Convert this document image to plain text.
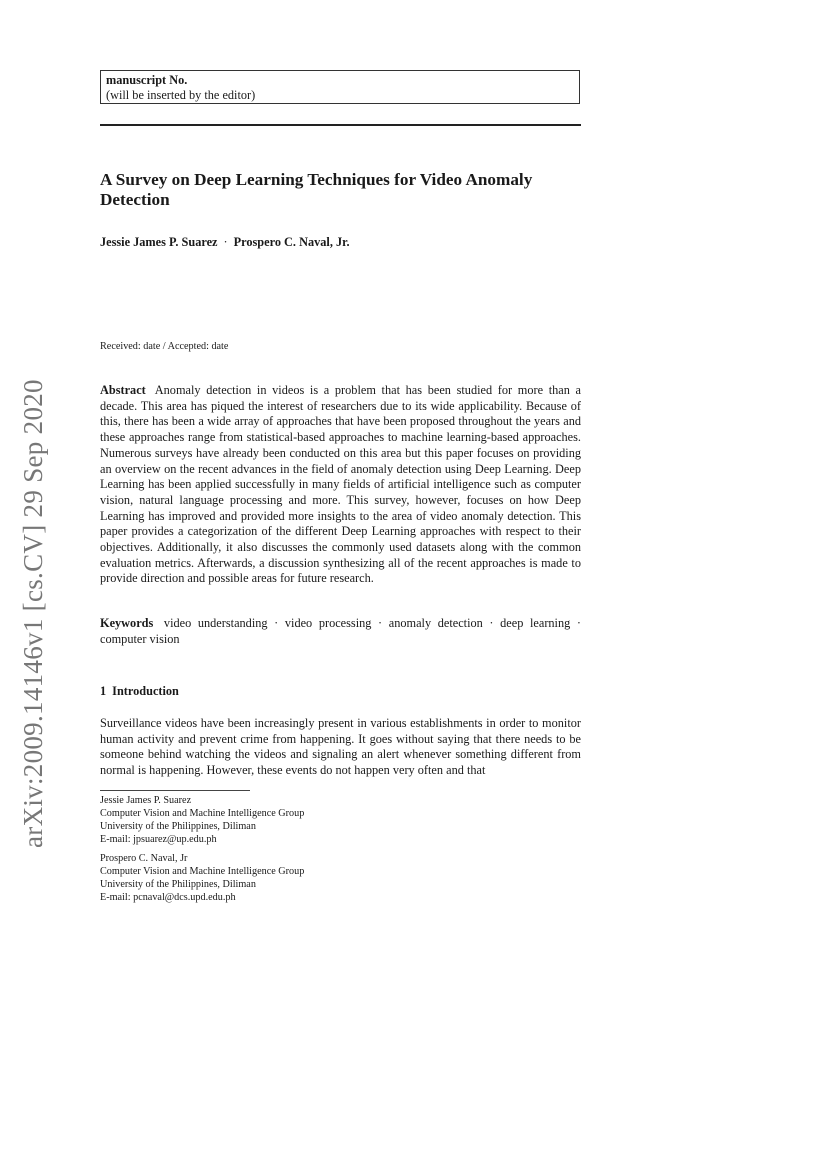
manuscript No.
(will be inserted by the editor)
A Survey on Deep Learning Techniques for Video Anomaly Detection
Jessie James P. Suarez · Prospero C. Naval, Jr.
Received: date / Accepted: date

Abstract Anomaly detection in videos is a problem that has been studied for more than a decade. This area has piqued the interest of researchers due to its wide applicability. Because of this, there has been a wide array of approaches that have been proposed throughout the years and these approaches range from statistical-based approaches to machine learning-based approaches. Numerous surveys have already been conducted on this area but this paper focuses on providing an overview on the recent advances in the field of anomaly detection using Deep Learning. Deep Learning has been applied successfully in many fields of artificial intelligence such as computer vision, natural language processing and more. This survey, however, focuses on how Deep Learning has improved and provided more insights to the area of video anomaly detection. This paper provides a categorization of the different Deep Learning approaches with respect to their objectives. Additionally, it also discusses the commonly used datasets along with the common evaluation metrics. Afterwards, a discussion synthesizing all of the recent approaches is made to provide direction and possible areas for future research.

Keywords video understanding · video processing · anomaly detection · deep learning · computer vision

1 Introduction

Surveillance videos have been increasingly present in various establishments in order to monitor human activity and prevent crime from happening. It goes without saying that there needs to be someone behind watching the videos and signaling an alert whenever something different from normal is happening. However, these events do not happen very often and that

Jessie James P. Suarez
Computer Vision and Machine Intelligence Group
University of the Philippines, Diliman
E-mail: jpsuarez@up.edu.ph
Prospero C. Naval, Jr
Computer Vision and Machine Intelligence Group
University of the Philippines, Diliman
E-mail: pcnaval@dcs.upd.edu.ph
arXiv:2009.14146v1 [cs.CV] 29 Sep 2020
